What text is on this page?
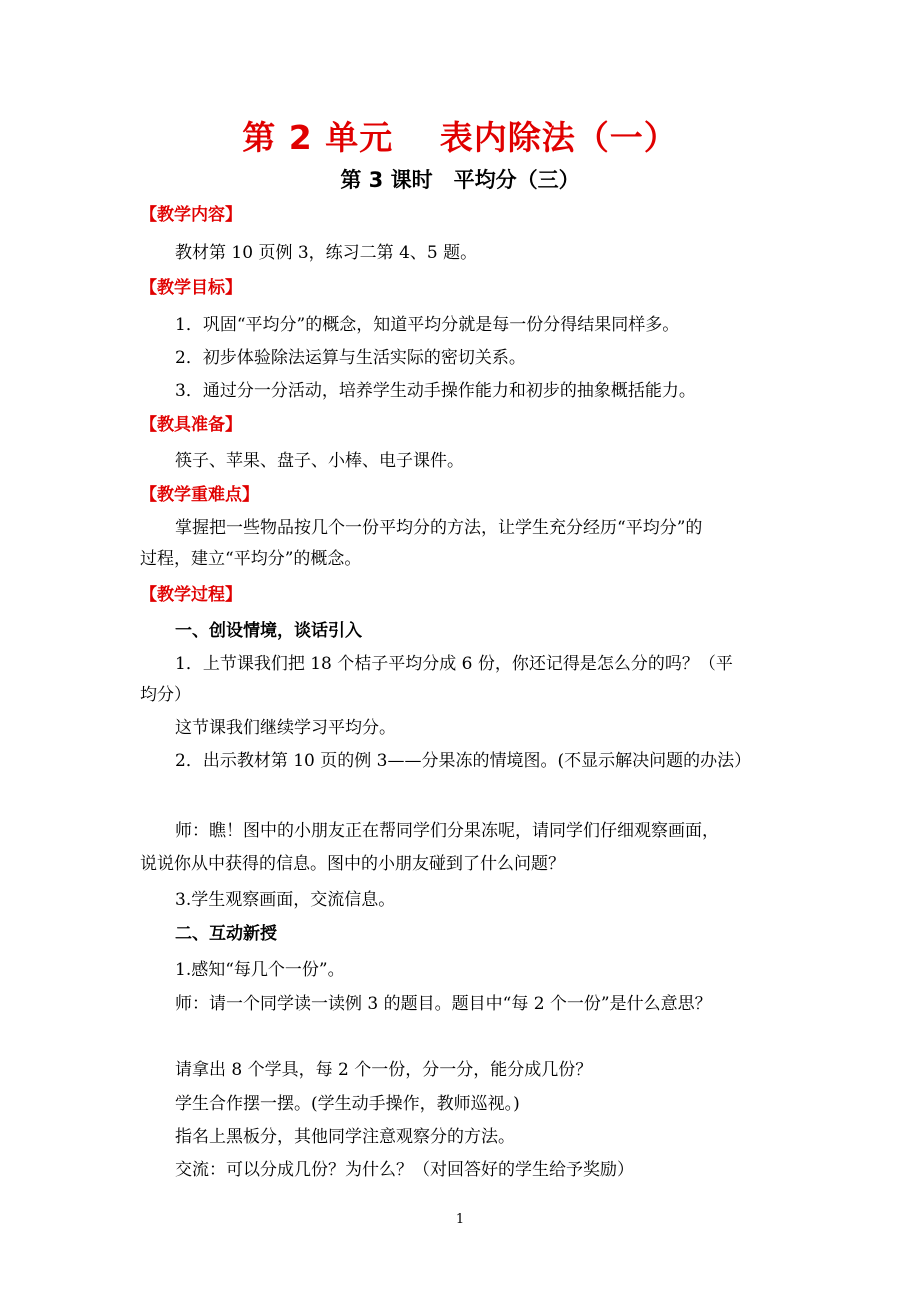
第 2 单元　 表内除法（一）
第 3 课时　平均分（三）
【教学内容】
教材第 10 页例 3，练习二第 4、5 题。
【教学目标】
1．巩固“平均分”的概念，知道平均分就是每一份分得结果同样多。
2．初步体验除法运算与生活实际的密切关系。
3．通过分一分活动，培养学生动手操作能力和初步的抽象概括能力。
【教具准备】
筷子、苹果、盘子、小棒、电子课件。
【教学重难点】
掌握把一些物品按几个一份平均分的方法，让学生充分经历“平均分”的
过程，建立“平均分”的概念。
【教学过程】
一、创设情境，谈话引入
1．上节课我们把 18 个桔子平均分成 6 份，你还记得是怎么分的吗？（平
均分）
这节课我们继续学习平均分。
2．出示教材第 10 页的例 3——分果冻的情境图。(不显示解决问题的办法）
师：瞧！图中的小朋友正在帮同学们分果冻呢，请同学们仔细观察画面，
说说你从中获得的信息。图中的小朋友碰到了什么问题？
3.学生观察画面，交流信息。
二、互动新授
1.感知“每几个一份”。
师：请一个同学读一读例 3 的题目。题目中“每 2 个一份”是什么意思？
请拿出 8 个学具，每 2 个一份，分一分，能分成几份？
学生合作摆一摆。(学生动手操作，教师巡视。)
指名上黑板分，其他同学注意观察分的方法。
交流：可以分成几份？为什么？（对回答好的学生给予奖励）
1
